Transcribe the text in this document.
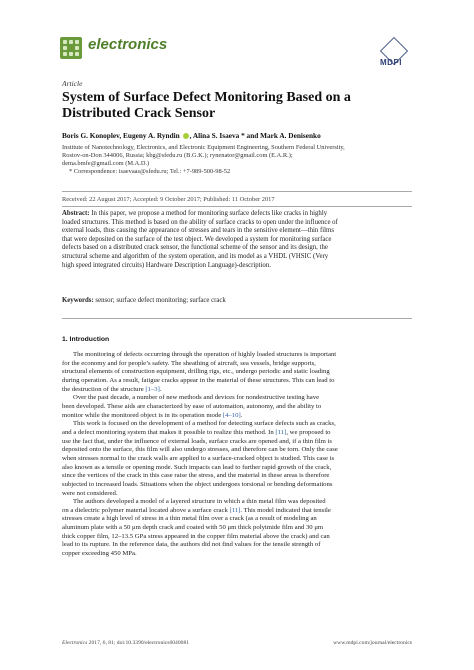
electronics
MDPI
Article
System of Surface Defect Monitoring Based on a
Distributed Crack Sensor
Boris G. Konoplev, Eugeny A. Ryndin , Alina S. Isaeva * and Mark A. Denisenko
Institute of Nanotechnology, Electronics, and Electronic Equipment Engineering, Southern Federal University,
Rostov-on-Don 344006, Russia; kbg@sfedu.ru (B.G.K.); rynenator@gmail.com (E.A.R.);
dema.bmfe@gmail.com (M.A.D.)
* Correspondence: isaevaas@sfedu.ru; Tel.: +7-989-500-98-52
Received: 22 August 2017; Accepted: 9 October 2017; Published: 11 October 2017
Abstract: In this paper, we propose a method for monitoring surface defects like cracks in highly
loaded structures. This method is based on the ability of surface cracks to open under the influence of
external loads, thus causing the appearance of stresses and tears in the sensitive element—thin films
that were deposited on the surface of the test object. We developed a system for monitoring surface
defects based on a distributed crack sensor, the functional scheme of the sensor and its design, the
structural scheme and algorithm of the system operation, and its model as a VHDL (VHSIC (Very
high speed integrated circuits) Hardware Description Language)-description.
Keywords: sensor; surface defect monitoring; surface crack
1. Introduction
The monitoring of defects occurring through the operation of highly loaded structures is important
for the economy and for people’s safety. The sheathing of aircraft, sea vessels, bridge supports,
structural elements of construction equipment, drilling rigs, etc., undergo periodic and static loading
during operation. As a result, fatigue cracks appear in the material of these structures. This can lead to
the destruction of the structure [1–3].
Over the past decade, a number of new methods and devices for nondestructive testing have
been developed. These aids are characterized by ease of automation, autonomy, and the ability to
monitor while the monitored object is in its operation mode [4–10].
This work is focused on the development of a method for detecting surface defects such as cracks,
and a defect monitoring system that makes it possible to realize this method. In [11], we proposed to
use the fact that, under the influence of external loads, surface cracks are opened and, if a thin film is
deposited onto the surface, this film will also undergo stresses, and therefore can be torn. Only the case
when stresses normal to the crack walls are applied to a surface-cracked object is studied. This case is
also known as a tensile or opening mode. Such impacts can lead to further rapid growth of the crack,
since the vertices of the crack in this case raise the stress, and the material in these areas is therefore
subjected to increased loads. Situations when the object undergoes torsional or bending deformations
were not considered.
The authors developed a model of a layered structure in which a thin metal film was deposited
on a dielectric polymer material located above a surface crack [11]. This model indicated that tensile
stresses create a high level of stress in a thin metal film over a crack (as a result of modeling an
aluminum plate with a 50 μm depth crack and coated with 50 μm thick polyimide film and 30 μm
thick copper film, 12–13.5 GPa stress appeared in the copper film material above the crack) and can
lead to its rupture. In the reference data, the authors did not find values for the tensile strength of
copper exceeding 450 MPa.
Electronics 2017, 6, 81; doi:10.3390/electronics6040081	www.mdpi.com/journal/electronics
